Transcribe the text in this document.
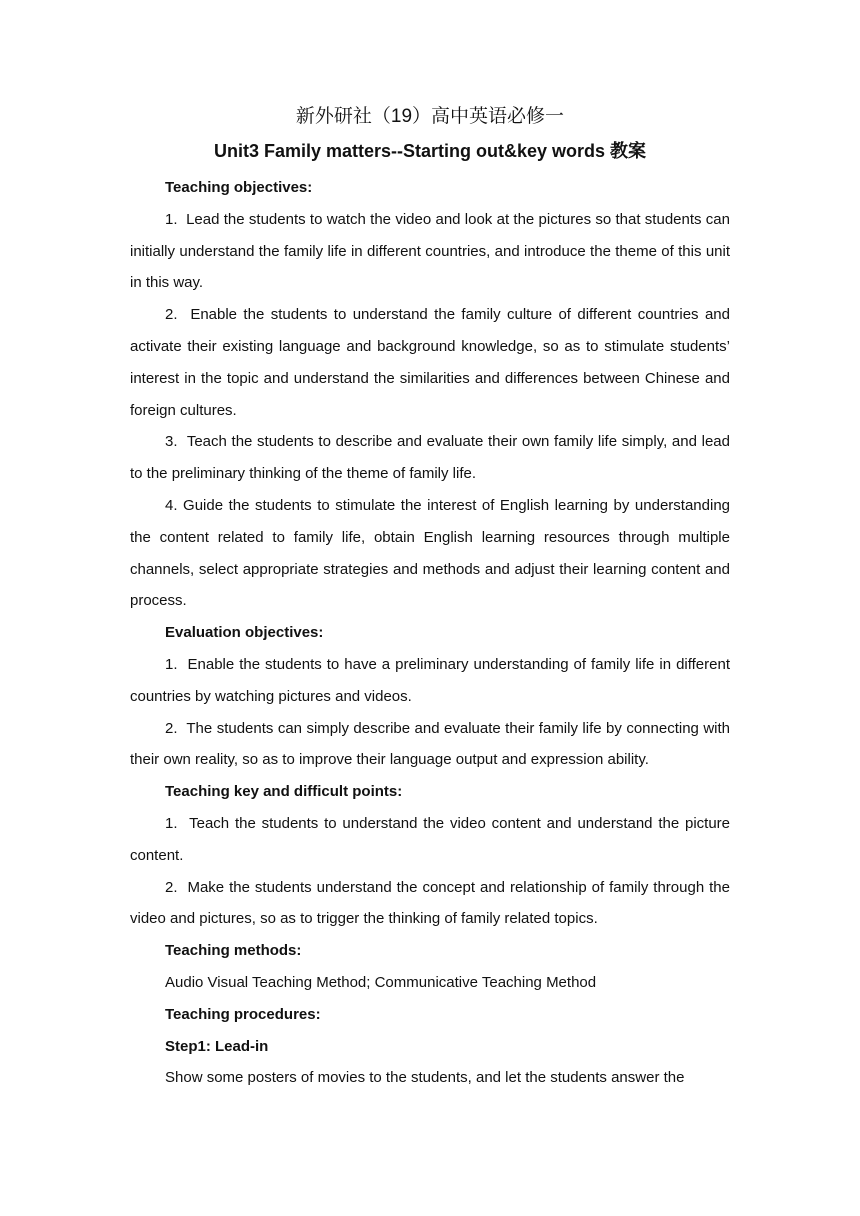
新外研社（19）高中英语必修一
Unit3 Family matters--Starting out&key words 教案

Teaching objectives:

1.  Lead the students to watch the video and look at the pictures so that students can initially understand the family life in different countries, and introduce the theme of this unit in this way.

2.  Enable the students to understand the family culture of different countries and activate their existing language and background knowledge, so as to stimulate students’ interest in the topic and understand the similarities and differences between Chinese and foreign cultures.

3.  Teach the students to describe and evaluate their own family life simply, and lead to the preliminary thinking of the theme of family life.

4. Guide the students to stimulate the interest of English learning by understanding the content related to family life, obtain English learning resources through multiple channels, select appropriate strategies and methods and adjust their learning content and process.

Evaluation objectives:

1.  Enable the students to have a preliminary understanding of family life in different countries by watching pictures and videos.

2.  The students can simply describe and evaluate their family life by connecting with their own reality, so as to improve their language output and expression ability.

Teaching key and difficult points:

1.  Teach the students to understand the video content and understand the picture content.

2.  Make the students understand the concept and relationship of family through the video and pictures, so as to trigger the thinking of family related topics.

Teaching methods:

Audio Visual Teaching Method; Communicative Teaching Method

Teaching procedures:

Step1: Lead-in

Show some posters of movies to the students, and let the students answer the
